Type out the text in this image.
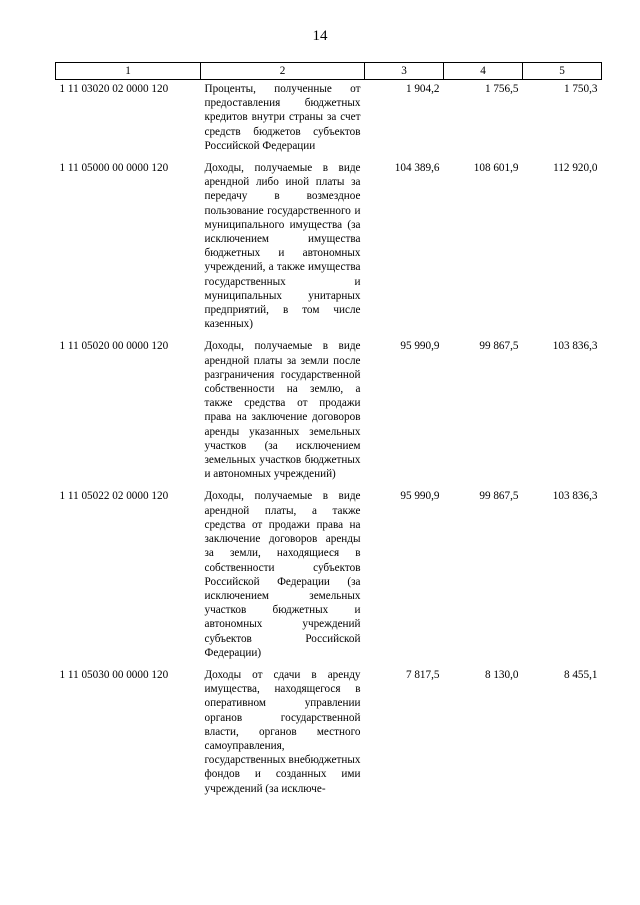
14
1	2	3	4	5
1 11 03020 02 0000 120	Проценты, полученные от предоставления бюджетных кредитов внутри страны за счет средств бюджетов субъектов Российской Федерации	1 904,2	1 756,5	1 750,3
1 11 05000 00 0000 120	Доходы, получаемые в виде арендной либо иной платы за передачу в возмездное пользование государственного и муниципального имущества (за исключением имущества бюджетных и автономных учреждений, а также имущества государственных и муниципальных унитарных предприятий, в том числе казенных)	104 389,6	108 601,9	112 920,0
1 11 05020 00 0000 120	Доходы, получаемые в виде арендной платы за земли после разграничения государственной собственности на землю, а также средства от продажи права на заключение договоров аренды указанных земельных участков (за исключением земельных участков бюджетных и автономных учреждений)	95 990,9	99 867,5	103 836,3
1 11 05022 02 0000 120	Доходы, получаемые в виде арендной платы, а также средства от продажи права на заключение договоров аренды за земли, находящиеся в собственности субъектов Российской Федерации (за исключением земельных участков бюджетных и автономных учреждений субъектов Российской Федерации)	95 990,9	99 867,5	103 836,3
1 11 05030 00 0000 120	Доходы от сдачи в аренду имущества, находящегося в оперативном управлении органов государственной власти, органов местного самоуправления, государственных внебюджетных фондов и созданных ими учреждений (за исключе-	7 817,5	8 130,0	8 455,1
